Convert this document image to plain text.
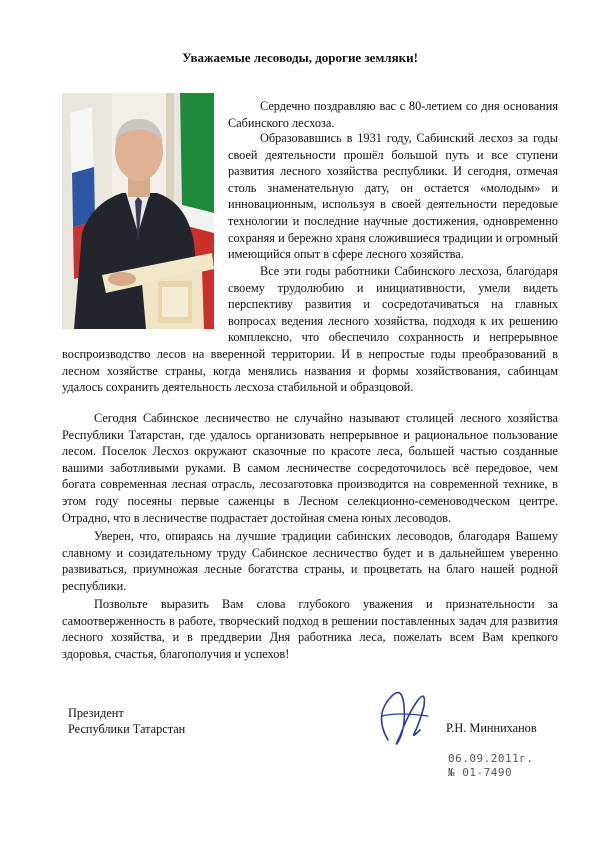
Уважаемые лесоводы, дорогие земляки!

Сердечно поздравляю вас с 80-летием со дня основания Сабинского лесхоза.

Образовавшись в 1931 году, Сабинский лесхоз за годы своей деятельности прошёл большой путь и все ступени развития лесного хозяйства республики. И сегодня, отмечая столь знаменательную дату, он остается «молодым» и инновационным, используя в своей деятельности передовые технологии и последние научные достижения, одновременно сохраняя и бережно храня сложившиеся традиции и огромный имеющийся опыт в сфере лесного хозяйства.

Все эти годы работники Сабинского лесхоза, благодаря своему трудолюбию и инициативности, умели видеть перспективу развития и сосредотачиваться на главных вопросах ведения лесного хозяйства, подходя к их решению комплексно, что обеспечило сохранность и непрерывное воспроизводство лесов на вверенной территории. И в непростые годы преобразований в лесном хозяйстве страны, когда менялись названия и формы хозяйствования, сабинцам удалось сохранить деятельность лесхоза стабильной и образцовой.

Сегодня Сабинское лесничество не случайно называют столицей лесного хозяйства Республики Татарстан, где удалось организовать непрерывное и рациональное пользование лесом. Поселок Лесхоз окружают сказочные по красоте леса, большей частью созданные вашими заботливыми руками. В самом лесничестве сосредоточилось всё передовое, чем богата современная лесная отрасль, лесозаготовка производится на современной технике, в этом году посеяны первые саженцы в Лесном селекционно-семеноводческом центре. Отрадно, что в лесничестве подрастает достойная смена юных лесоводов.

Уверен, что, опираясь на лучшие традиции сабинских лесоводов, благодаря Вашему славному и созидательному труду Сабинское лесничество будет и в дальнейшем уверенно развиваться, приумножая лесные богатства страны, и процветать на благо нашей родной республики.

Позвольте выразить Вам слова глубокого уважения и признательности за самоотверженность в работе, творческий подход в решении поставленных задач для развития лесного хозяйства, и в преддверии Дня работника леса, пожелать всем Вам крепкого здоровья, счастья, благополучия и успехов!

Президент
Республики Татарстан	Р.Н. Минниханов
06.09.2011г.
№ 01-7490
